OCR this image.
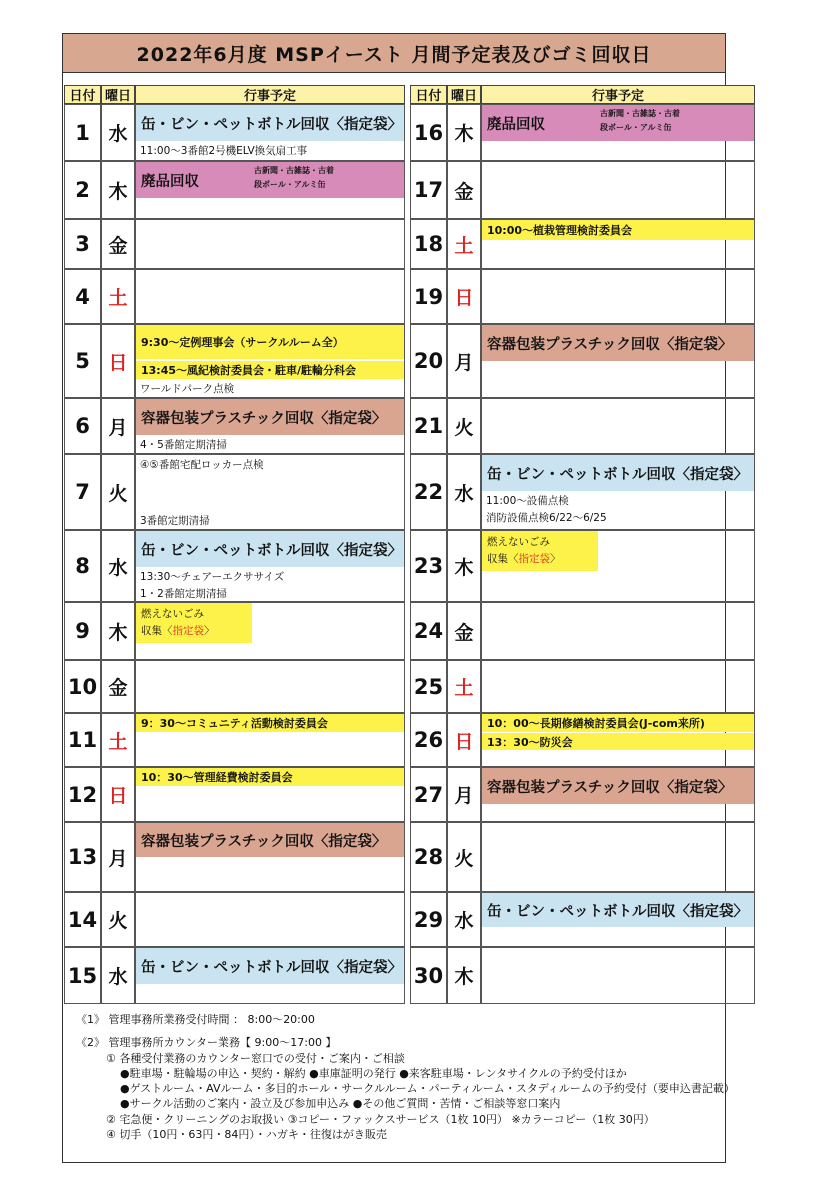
2022年6月度 MSPイースト 月間予定表及びゴミ回収日
日付 曜日	行事予定
1 水 缶・ビン・ペットボトル回収〈指定袋〉
11:00～3番館2号機ELV換気扇工事
2 木 廃品回収
古新聞・古雑誌・古着
段ボール・アルミ缶
3 金
4 土
5 日
9:30～定例理事会（サークルルーム全）
13:45～風紀検討委員会・駐車/駐輪分科会
ワールドパーク点検
6 月 容器包装プラスチック回収〈指定袋〉
4・5番館定期清掃
7 火
④⑤番館宅配ロッカー点検
3番館定期清掃
8 水
缶・ビン・ペットボトル回収〈指定袋〉
13:30～チェアーエクササイズ
1・2番館定期清掃
9 木
燃えないごみ
収集〈指定袋〉
10 金
11 土
9：30～コミュニティ活動検討委員会
12 日
10：30～管理経費検討委員会
13 月
容器包装プラスチック回収〈指定袋〉
14 火
15 水 缶・ビン・ペットボトル回収〈指定袋〉
日付 曜日	行事予定
16 木 廃品回収
古新聞・古雑誌・古着
段ボール・アルミ缶
17 金
18 土
10:00～植栽管理検討委員会
19 日
20 月
容器包装プラスチック回収〈指定袋〉
21 火
22 水
缶・ビン・ペットボトル回収〈指定袋〉
11:00～設備点検
消防設備点検6/22～6/25
23 木
燃えないごみ
収集〈指定袋〉
24 金
25 土
26 日
10：00～長期修繕検討委員会(J-com来所)
13：30～防災会
27 月 容器包装プラスチック回収〈指定袋〉
28 火
29 水 缶・ビン・ペットボトル回収〈指定袋〉
30 木
《1》 管理事務所業務受付時間 ： 8:00～20:00
《2》 管理事務所カウンター業務【 9:00～17:00 】
① 各種受付業務のカウンター窓口での受付・ご案内・ご相談
●駐車場・駐輪場の申込・契約・解約 ●車庫証明の発行 ●来客駐車場・レンタサイクルの予約受付ほか
●ゲストルーム・AVルーム・多目的ホール・サークルルーム・パーティルーム・スタディルームの予約受付（要申込書記載）
●サークル活動のご案内・設立及び参加申込み ●その他ご質問・苦情・ご相談等窓口案内
② 宅急便・クリーニングのお取扱い ③コピー・ファックスサービス（1枚 10円） ※カラーコピー（1枚 30円）
④ 切手（10円・63円・84円）・ハガキ・往復はがき販売
